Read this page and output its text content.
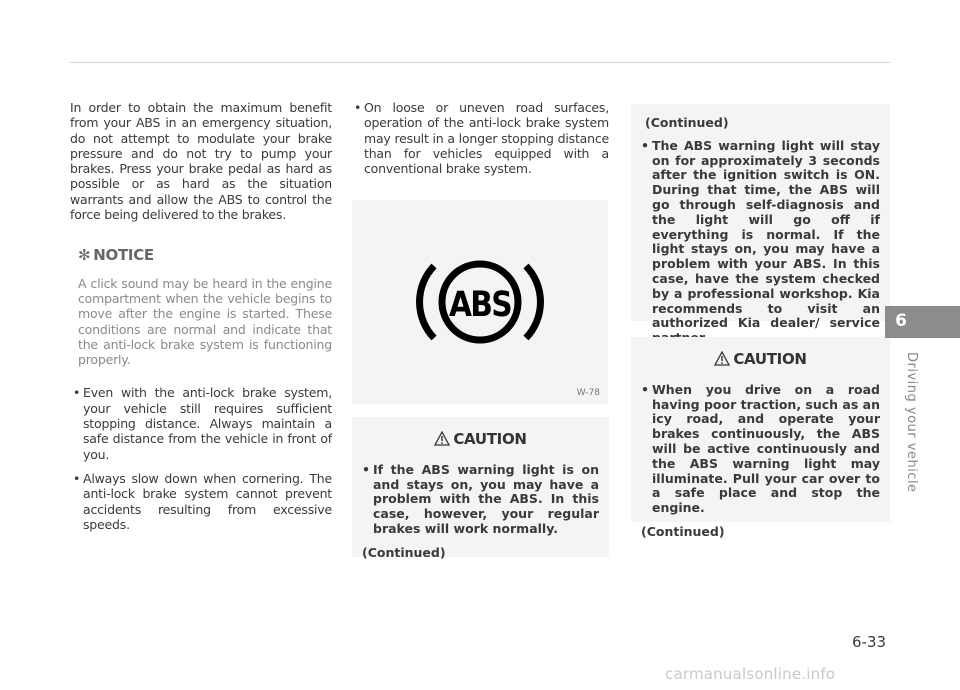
In order to obtain the maximum benefit from your ABS in an emergency situation, do not attempt to modulate your brake pressure and do not try to pump your brakes. Press your brake pedal as hard as possible or as hard as the situation warrants and allow the ABS to control the force being delivered to the brakes.

✻ NOTICE

A click sound may be heard in the engine compartment when the vehicle begins to move after the engine is started. These conditions are normal and indicate that the anti-lock brake system is functioning properly.

• Even with the anti-lock brake system, your vehicle still requires sufficient stopping distance. Always maintain a safe distance from the vehicle in front of you.
• Always slow down when cornering. The anti-lock brake system cannot prevent accidents resulting from excessive speeds.
• On loose or uneven road surfaces, operation of the anti-lock brake system may result in a longer stopping distance than for vehicles equipped with a conventional brake system.
ABS
W-78
CAUTION
• If the ABS warning light is on and stays on, you may have a problem with the ABS. In this case, however, your regular brakes will work normally.
(Continued)
(Continued)
• The ABS warning light will stay on for approximately 3 seconds after the ignition switch is ON. During that time, the ABS will go through self-diagnosis and the light will go off if everything is normal. If the light stays on, you may have a problem with your ABS. In this case, have the system checked by a professional workshop. Kia recommends to visit an authorized Kia dealer/ service
CAUTION
• When you drive on a road having poor traction, such as an icy road, and operate your brakes continuously, the ABS will be active continuously and the ABS warning light may illuminate. Pull your car over to a safe place and stop the engine.
(Continued)
6
Driving your vehicle
6-33
carmanualsonline.info
